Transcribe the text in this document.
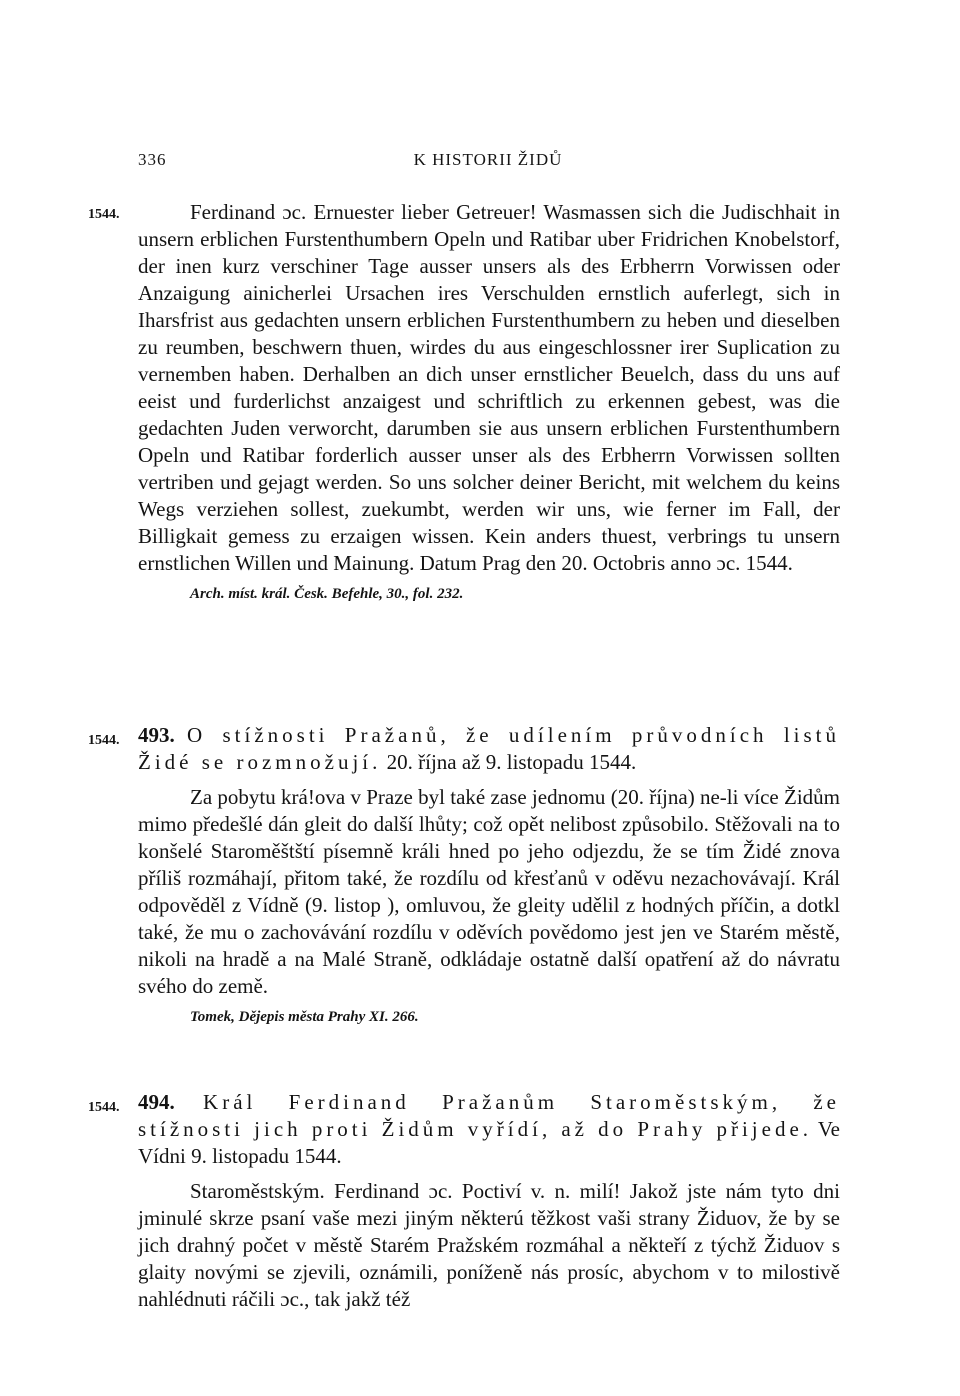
336	K HISTORII ŽIDŮ
1544.	Ferdinand ɔc. Ernuester lieber Getreuer! Wasmassen sich die Judischhait in unsern erblichen Furstenthumbern Opeln und Ratibar uber Fridrichen Knobelstorf, der inen kurz verschiner Tage ausser unsers als des Erbherrn Vorwissen oder Anzaigung ainicherlei Ursachen ires Verschulden ernstlich auferlegt, sich in Iharsfrist aus gedachten unsern erblichen Furstenthumbern zu heben und dieselben zu reumben, beschwern thuen, wirdes du aus eingeschlossner irer Suplication zu vernemben haben. Derhalben an dich unser ernstlicher Beuelch, dass du uns auf eeist und furderlichst anzaigest und schriftlich zu erkennen gebest, was die gedachten Juden verworcht, darumben sie aus unsern erblichen Furstenthumbern Opeln und Ratibar forderlich ausser unser als des Erbherrn Vorwissen sollten vertriben und gejagt werden. So uns solcher deiner Bericht, mit welchem du keins Wegs verziehen sollest, zuekumbt, werden wir uns, wie ferner im Fall, der Billigkait gemess zu erzaigen wissen. Kein anders thuest, verbrings tu unsern ernstlichen Willen und Mainung. Datum Prag den 20. Octobris anno ɔc. 1544.

Arch. míst. král. Česk. Befehle, 30., fol. 232.
1544. 493. O stížnosti Pražanů, že udílením průvodních listů Židé se rozmnožují. 20. října až 9. listopadu 1544.

Za pobytu krá!ova v Praze byl také zase jednomu (20. října) ne-li více Židům mimo předešlé dán gleit do další lhůty; což opět nelibost způsobilo. Stěžovali na to konšelé Staroměštští písemně králi hned po jeho odjezdu, že se tím Židé znova příliš rozmáhají, přitom také, že rozdílu od křesťanů v oděvu nezachovávají. Král odpověděl z Vídně (9. listop ), omluvou, že gleity udělil z hodných příčin, a dotkl také, že mu o zachovávání rozdílu v oděvích povědomo jest jen ve Starém městě, nikoli na hradě a na Malé Straně, odkládaje ostatně další opatření až do návratu svého do země.

Tomek, Dějepis města Prahy XI. 266.
1544. 494. Král Ferdinand Pražanům Staroměstským, že stížnosti jich proti Židům vyřídí, až do Prahy přijede. Ve Vídni 9. listopadu 1544.

Staroměstským. Ferdinand ɔc. Poctiví v. n. milí! Jakož jste nám tyto dni jminulé skrze psaní vaše mezi jiným některú těžkost vaši strany Židuov, že by se jich drahný počet v městě Starém Pražském rozmáhal a někteří z týchž Židuov s glaity novými se zjevili, oznámili, poníženě nás prosíc, abychom v to milostivě nahlédnuti ráčili ɔc., tak jakž též
